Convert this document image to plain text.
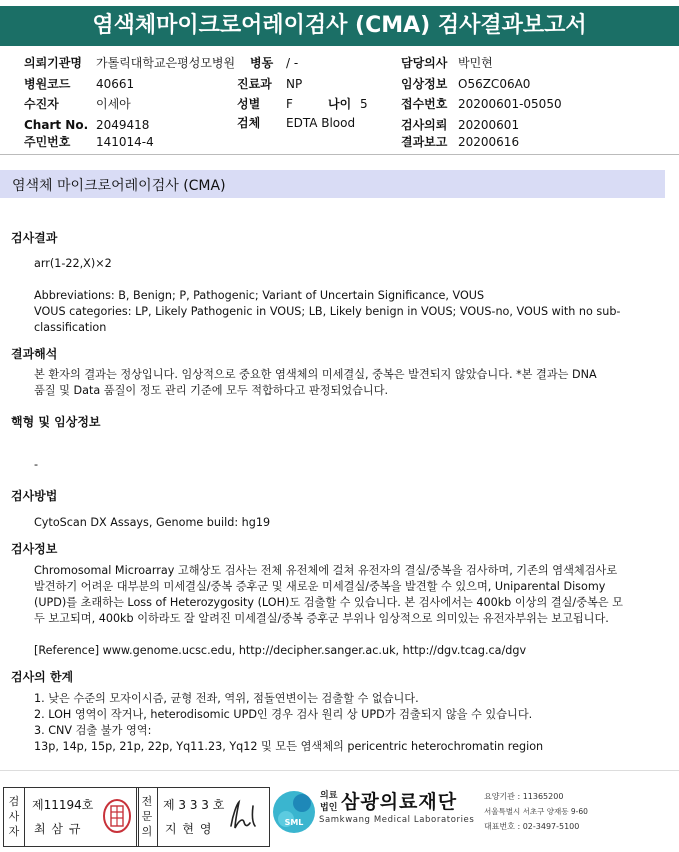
염색체마이크로어레이검사 (CMA) 검사결과보고서
의뢰기관명 가톨릭대학교은평성모병원 병동 / -	담당의사 박민현
병원코드 40661	진료과 NP	임상정보 O56ZC06A0
수진자	이세아	성별 F	나이 5	접수번호 20200601-05050
Chart No. 2049418	검체 EDTA Blood	검사의뢰 20200601
주민번호 141014-4	결과보고 20200616
염색체 마이크로어레이검사 (CMA)
검사결과
arr(1-22,X)×2
Abbreviations: B, Benign; P, Pathogenic; Variant of Uncertain Significance, VOUS
VOUS categories: LP, Likely Pathogenic in VOUS; LB, Likely benign in VOUS; VOUS-no, VOUS with no sub-
classification
결과해석
본 환자의 결과는 정상입니다. 임상적으로 중요한 염색체의 미세결실, 중복은 발견되지 않았습니다. *본 결과는 DNA
품질 및 Data 품질이 정도 관리 기준에 모두 적합하다고 판정되었습니다.
핵형 및 임상정보
-
검사방법
CytoScan DX Assays, Genome build: hg19
검사정보
Chromosomal Microarray 고해상도 검사는 전체 유전체에 걸쳐 유전자의 결실/중복을 검사하며, 기존의 염색체검사로
발견하기 어려운 대부분의 미세결실/중복 증후군 및 새로운 미세결실/중복을 발견할 수 있으며, Uniparental Disomy
(UPD)를 초래하는 Loss of Heterozygosity (LOH)도 검출할 수 있습니다. 본 검사에서는 400kb 이상의 결실/중복은 모
두 보고되며, 400kb 이하라도 잘 알려진 미세결실/중복 증후군 부위나 임상적으로 의미있는 유전자부위는 보고됩니다.
[Reference] www.genome.ucsc.edu, http://decipher.sanger.ac.uk, http://dgv.tcag.ca/dgv
검사의 한계
1. 낮은 수준의 모자이시즘, 균형 전좌, 역위, 점돌연변이는 검출할 수 없습니다.
2. LOH 영역이 작거나, heterodisomic UPD인 경우 검사 원리 상 UPD가 검출되지 않을 수 있습니다.
3. CNV 검출 불가 영역:
13p, 14p, 15p, 21p, 22p, Yq11.23, Yq12 및 모든 염색체의 pericentric heterochromatin region
검사자
제11194호
최 삼 규
전문의
제 3 3 3 호
지 현 영	SML
의료
법인 삼광의료재단
Samkwang Medical Laboratories
요양기관 : 11365200
서울특별시 서초구 양재동 9-60
대표번호 : 02-3497-5100
